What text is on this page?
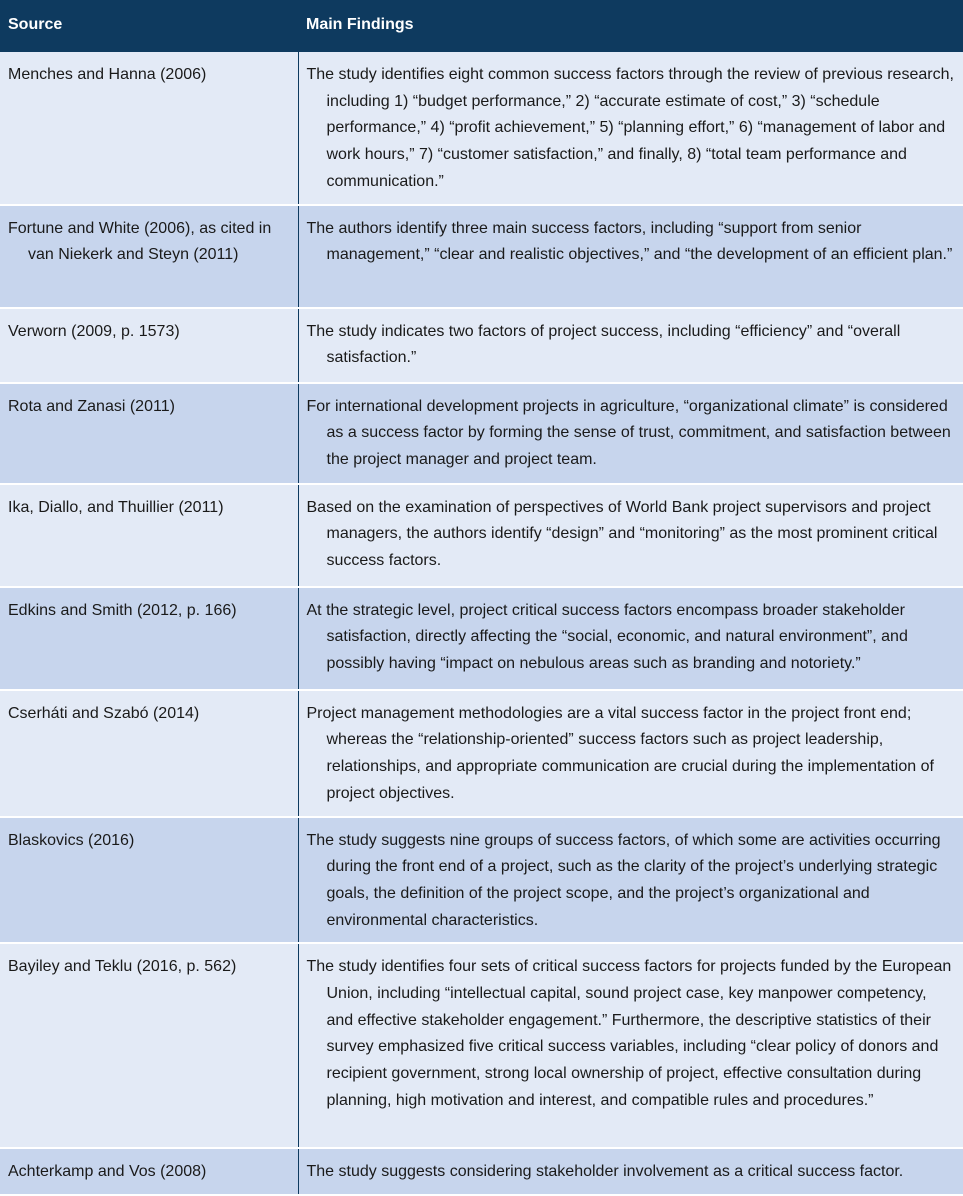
Source	Main Findings

Menches and Hanna (2006)	The study identifies eight common success factors through the review of previous research, including 1) “budget performance,” 2) “accurate estimate of cost,” 3) “schedule performance,” 4) “profit achievement,” 5) “planning effort,” 6) “management of labor and work hours,” 7) “customer satisfaction,” and finally, 8) “total team performance and communication.”

Fortune and White (2006), as cited in van Niekerk and Steyn (2011)	The authors identify three main success factors, including “support from senior management,” “clear and realistic objectives,” and “the development of an efficient plan.”

Verworn (2009, p. 1573)	The study indicates two factors of project success, including “efficiency” and “overall satisfaction.”

Rota and Zanasi (2011)	For international development projects in agriculture, “organizational climate” is considered as a success factor by forming the sense of trust, commitment, and satisfaction between the project manager and project team.

Ika, Diallo, and Thuillier (2011)	Based on the examination of perspectives of World Bank project supervisors and project managers, the authors identify “design” and “monitoring” as the most prominent critical success factors.

Edkins and Smith (2012, p. 166)	At the strategic level, project critical success factors encompass broader stakeholder satisfaction, directly affecting the “social, economic, and natural environment”, and possibly having “impact on nebulous areas such as branding and notoriety.”

Cserháti and Szabó (2014)	Project management methodologies are a vital success factor in the project front end; whereas the “relationship-oriented” success factors such as project leadership, relationships, and appropriate communication are crucial during the implementation of project objectives.

Blaskovics (2016)	The study suggests nine groups of success factors, of which some are activities occurring during the front end of a project, such as the clarity of the project’s underlying strategic goals, the definition of the project scope, and the project’s organizational and environmental characteristics.

Bayiley and Teklu (2016, p. 562)	The study identifies four sets of critical success factors for projects funded by the European Union, including “intellectual capital, sound project case, key manpower competency, and effective stakeholder engagement.” Furthermore, the descriptive statistics of their survey emphasized five critical success variables, including “clear policy of donors and recipient government, strong local ownership of project, effective consultation during planning, high motivation and interest, and compatible rules and procedures.”

Achterkamp and Vos (2008)	The study suggests considering stakeholder involvement as a critical success factor.
